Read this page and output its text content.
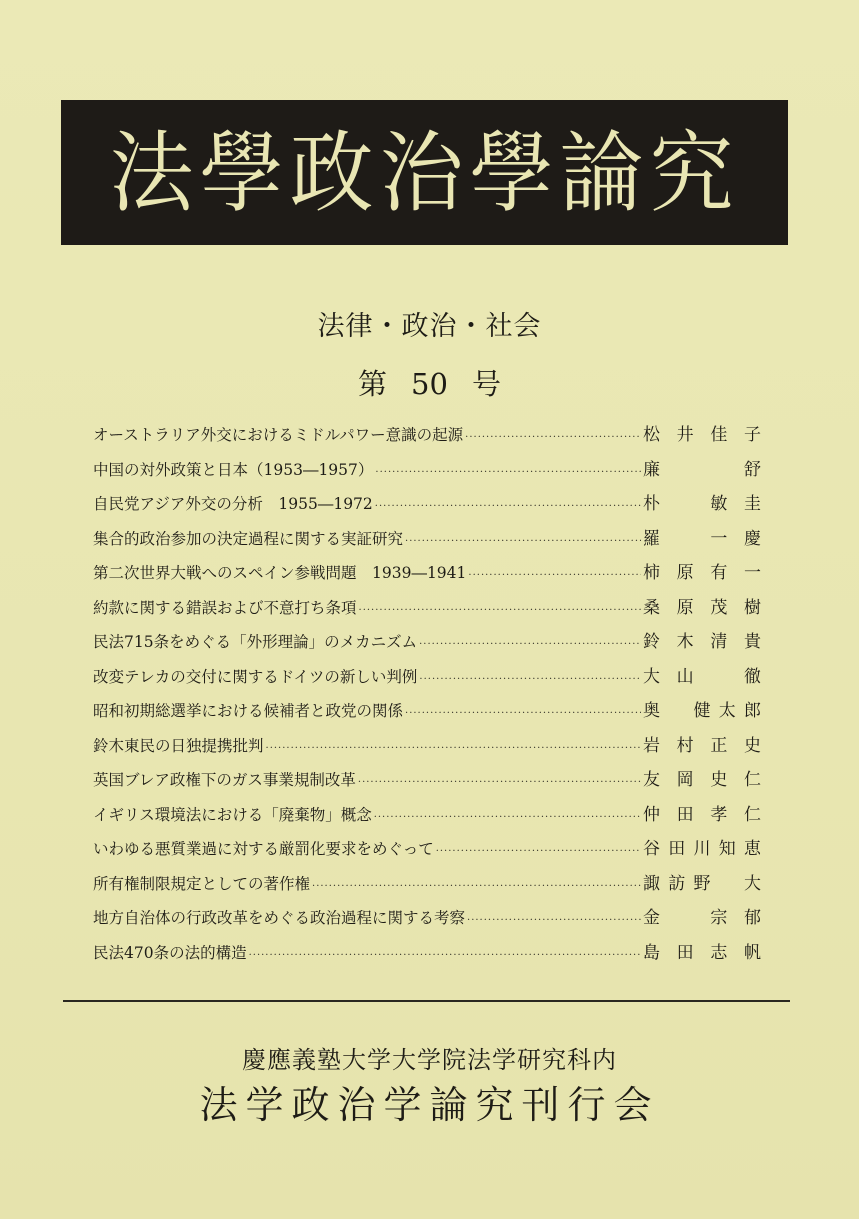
法學政治學論究
法律・政治・社会
第 50 号
オーストラリア外交におけるミドルパワー意識の起源 ·····	松井佳子
中国の対外政策と日本（1953―1957） ·····	廉　　舒
自民党アジア外交の分析　1955―1972 ·····	朴　敏圭
集合的政治参加の決定過程に関する実証研究 ·····	羅　一慶
第二次世界大戦へのスペイン参戦問題　1939―1941 ·····	柿原有一
約款に関する錯誤および不意打ち条項 ·····	桑原茂樹
民法715条をめぐる「外形理論」のメカニズム ·····	鈴木清貴
改変テレカの交付に関するドイツの新しい判例 ·····	大山　徹
昭和初期総選挙における候補者と政党の関係 ·····	奥　健太郎
鈴木東民の日独提携批判 ·····	岩村正史
英国ブレア政権下のガス事業規制改革 ·····	友岡史仁
イギリス環境法における「廃棄物」概念 ·····	仲田孝仁
いわゆる悪質業過に対する厳罰化要求をめぐって ·····	谷田川知恵
所有権制限規定としての著作権 ·····	諏訪野　大
地方自治体の行政改革をめぐる政治過程に関する考察 ·····	金　宗郁
民法470条の法的構造 ·····	島田志帆
慶應義塾大学大学院法学研究科内
法学政治学論究刊行会
